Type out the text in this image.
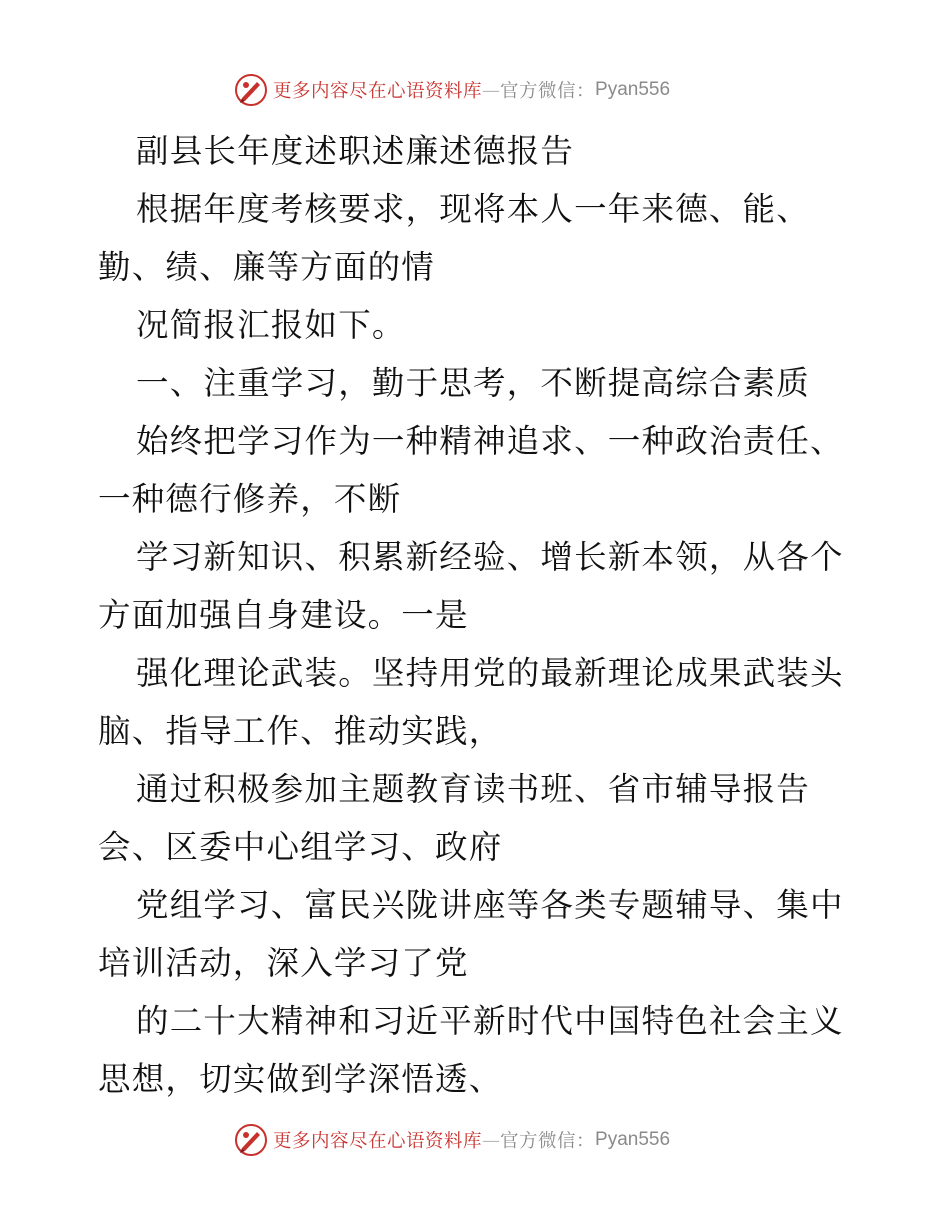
更多内容尽在心语资料库 — 官方微信： Pyan556
副县长年度述职述廉述德报告
根据年度考核要求，现将本人一年来德、能、
勤、绩、廉等方面的情
况简报汇报如下。
一、注重学习，勤于思考，不断提高综合素质
始终把学习作为一种精神追求、一种政治责任、
一种德行修养，不断
学习新知识、积累新经验、增长新本领，从各个
方面加强自身建设。一是
强化理论武装。坚持用党的最新理论成果武装头
脑、指导工作、推动实践，
通过积极参加主题教育读书班、省市辅导报告
会、区委中心组学习、政府
党组学习、富民兴陇讲座等各类专题辅导、集中
培训活动，深入学习了党
的二十大精神和习近平新时代中国特色社会主义
思想，切实做到学深悟透、
更多内容尽在心语资料库 — 官方微信： Pyan556
